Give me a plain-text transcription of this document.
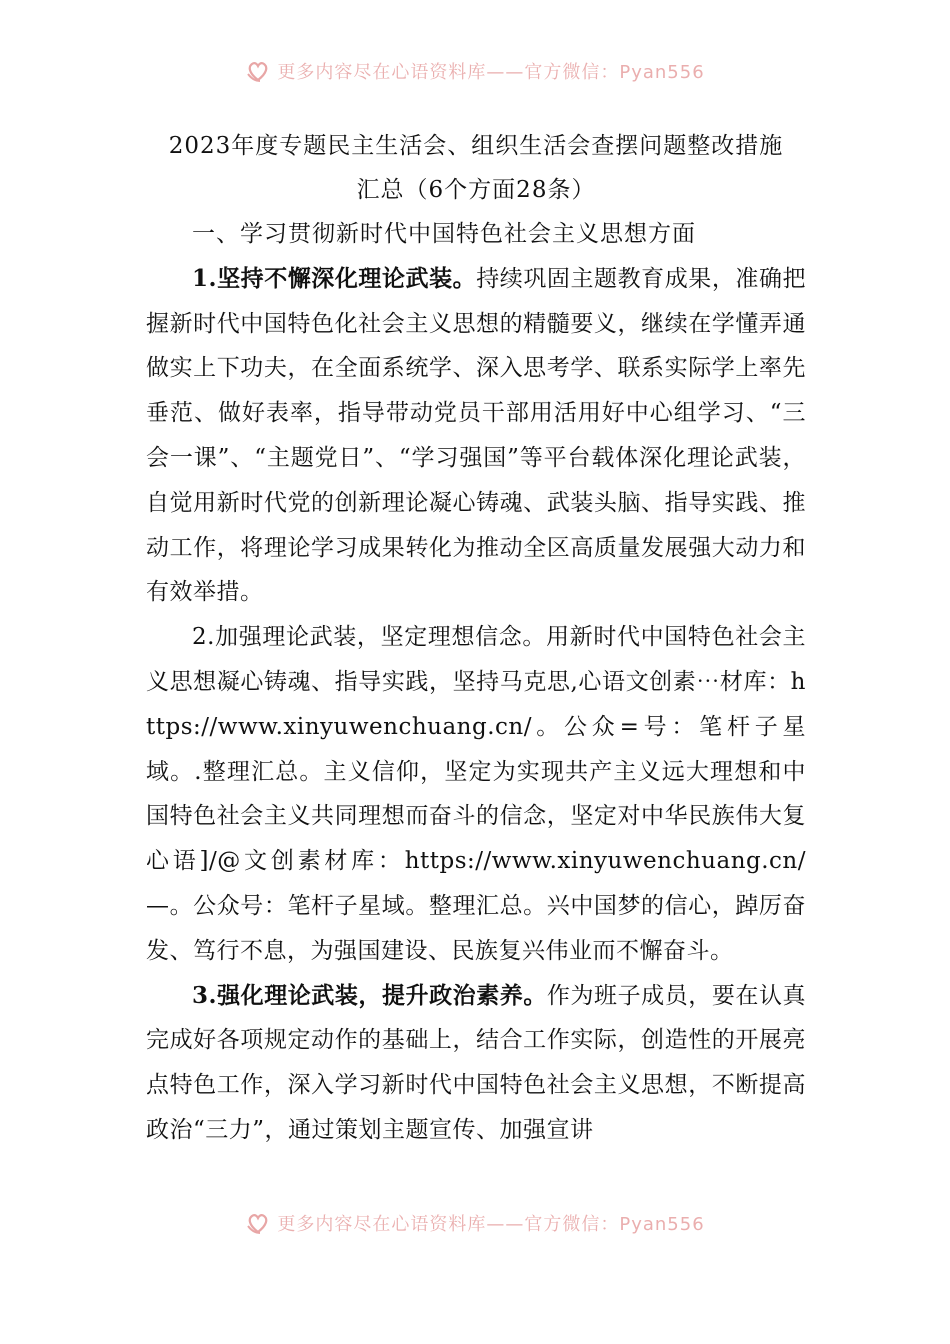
更多内容尽在心语资料库——官方微信：Pyan556

2023年度专题民主生活会、组织生活会查摆问题整改措施

汇总（6个方面28条）

一、学习贯彻新时代中国特色社会主义思想方面

1.坚持不懈深化理论武装。持续巩固主题教育成果，准确把握新时代中国特色化社会主义思想的精髓要义，继续在学懂弄通做实上下功夫，在全面系统学、深入思考学、联系实际学上率先垂范、做好表率，指导带动党员干部用活用好中心组学习、“三会一课”、“主题党日”、“学习强国”等平台载体深化理论武装，自觉用新时代党的创新理论凝心铸魂、武装头脑、指导实践、推动工作，将理论学习成果转化为推动全区高质量发展强大动力和有效举措。

2.加强理论武装，坚定理想信念。用新时代中国特色社会主义思想凝心铸魂、指导实践，坚持马克思,心语文创素⋯材库：https://www.xinyuwenchuang.cn/。公众=号：笔杆子星域。.整理汇总。主义信仰，坚定为实现共产主义远大理想和中国特色社会主义共同理想而奋斗的信念，坚定对中华民族伟大复心语]/@文创素材库：https://www.xinyuwenchuang.cn/—。公众号：笔杆子星域。整理汇总。兴中国梦的信心，踔厉奋发、笃行不息，为强国建设、民族复兴伟业而不懈奋斗。

3.强化理论武装，提升政治素养。作为班子成员，要在认真完成好各项规定动作的基础上，结合工作实际，创造性的开展亮点特色工作，深入学习新时代中国特色社会主义思想，不断提高政治“三力”，通过策划主题宣传、加强宣讲

更多内容尽在心语资料库——官方微信：Pyan556
